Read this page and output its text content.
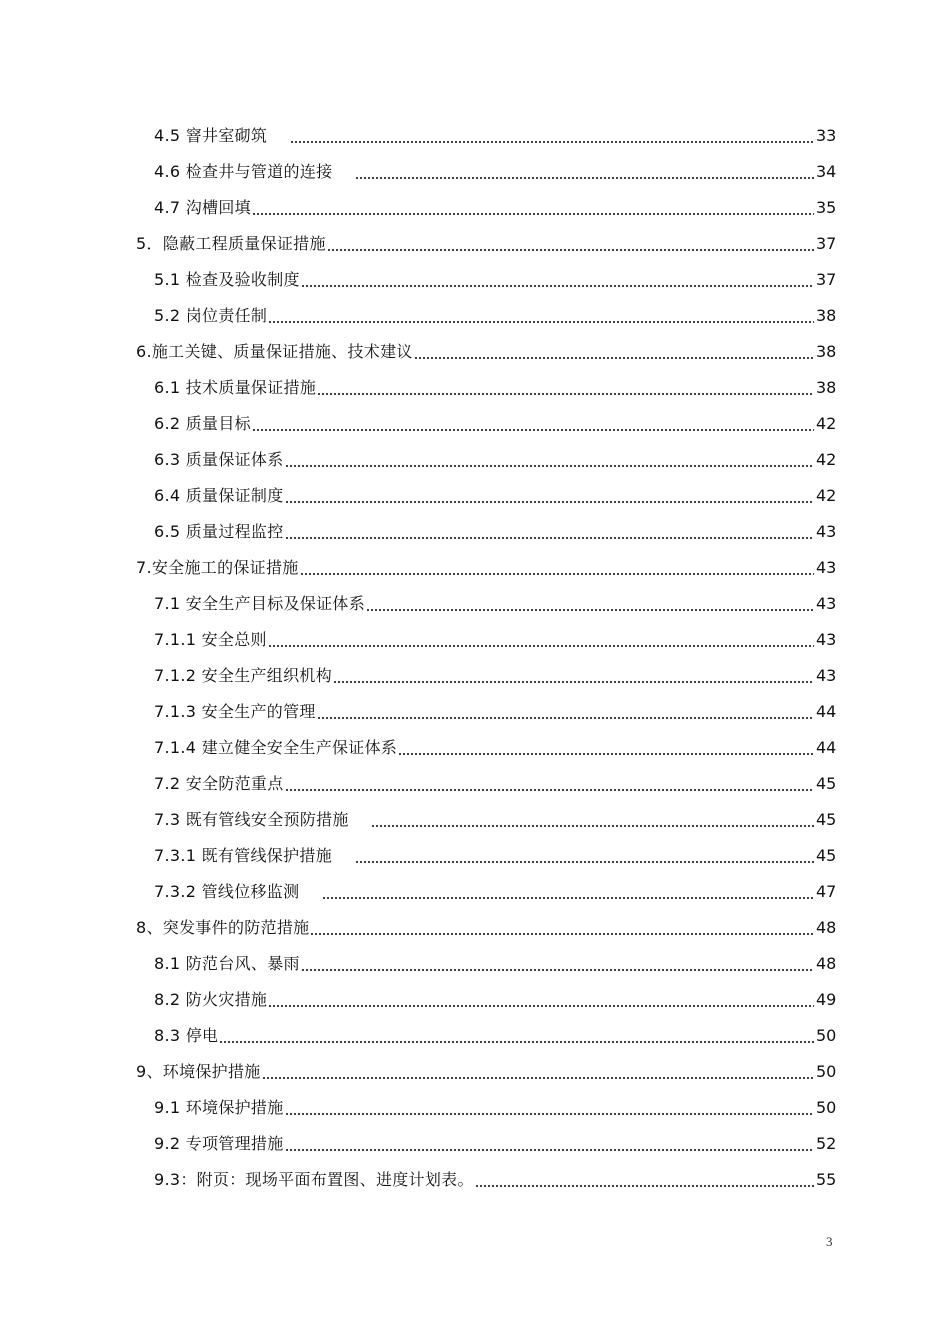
4.5 窨井室砌筑	33
4.6 检查井与管道的连接	34
4.7 沟槽回填	35
5．隐蔽工程质量保证措施	37
5.1 检查及验收制度	37
5.2 岗位责任制	38
6.施工关键、质量保证措施、技术建议	38
6.1 技术质量保证措施	38
6.2 质量目标	42
6.3 质量保证体系	42
6.4 质量保证制度	42
6.5 质量过程监控	43
7.安全施工的保证措施	43
7.1 安全生产目标及保证体系	43
7.1.1 安全总则	43
7.1.2 安全生产组织机构	43
7.1.3 安全生产的管理	44
7.1.4 建立健全安全生产保证体系	44
7.2 安全防范重点	45
7.3 既有管线安全预防措施	45
7.3.1 既有管线保护措施	45
7.3.2 管线位移监测	47
8、突发事件的防范措施	48
8.1 防范台风、暴雨	48
8.2 防火灾措施	49
8.3 停电	50
9、环境保护措施	50
9.1 环境保护措施	50
9.2 专项管理措施	52
9.3：附页：现场平面布置图、进度计划表。	55
3
